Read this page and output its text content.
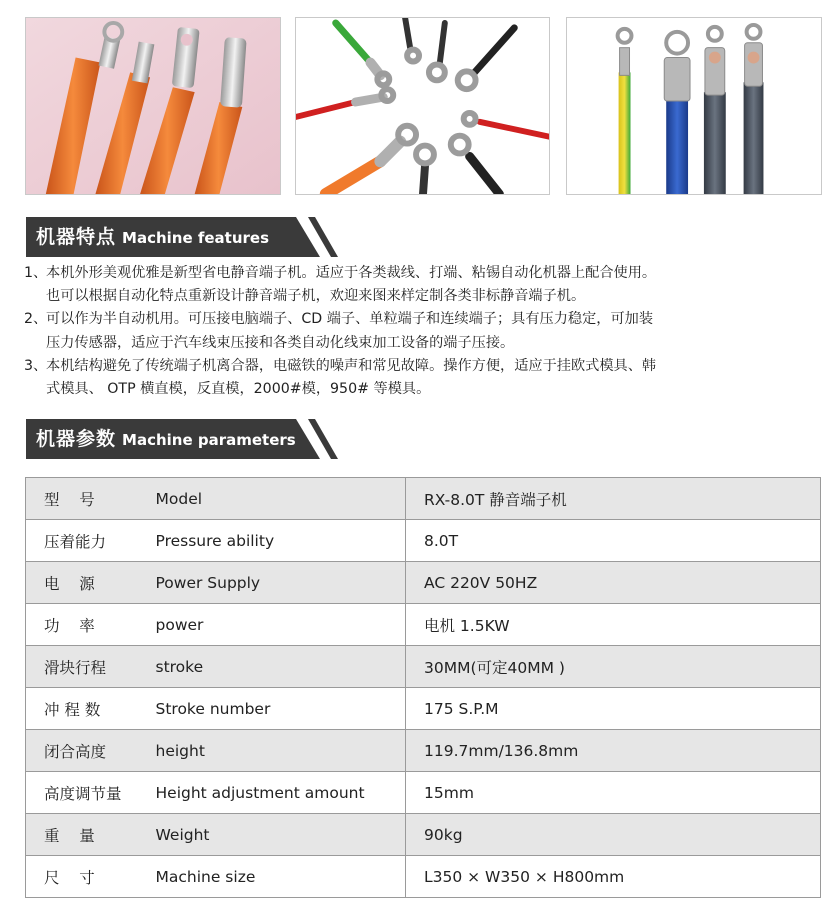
机器特点 Machine features
1、
本机外形美观优雅是新型省电静音端子机。适应于各类裁线、打端、粘锡自动化机器上配合使用。
也可以根据自动化特点重新设计静音端子机，欢迎来图来样定制各类非标静音端子机。
2、
可以作为半自动机用。可压接电脑端子、CD 端子、单粒端子和连续端子；具有压力稳定，可加装
压力传感器，适应于汽车线束压接和各类自动化线束加工设备的端子压接。
3、
本机结构避免了传统端子机离合器，电磁铁的噪声和常见故障。操作方便，适应于挂欧式模具、韩
式模具、 OTP 横直模，反直模，2000#模，950# 等模具。
机器参数 Machine parameters
型    号	Model	RX-8.0T 静音端子机
压着能力	Pressure ability	8.0T
电    源	Power Supply	AC 220V 50HZ
功    率	power	电机 1.5KW
滑块行程	stroke	30MM(可定40MM )
冲 程 数	Stroke number	175 S.P.M
闭合高度	height	119.7mm/136.8mm
高度调节量	Height adjustment amount	15mm
重    量	Weight	90kg
尺    寸	Machine size	L350 × W350 × H800mm
